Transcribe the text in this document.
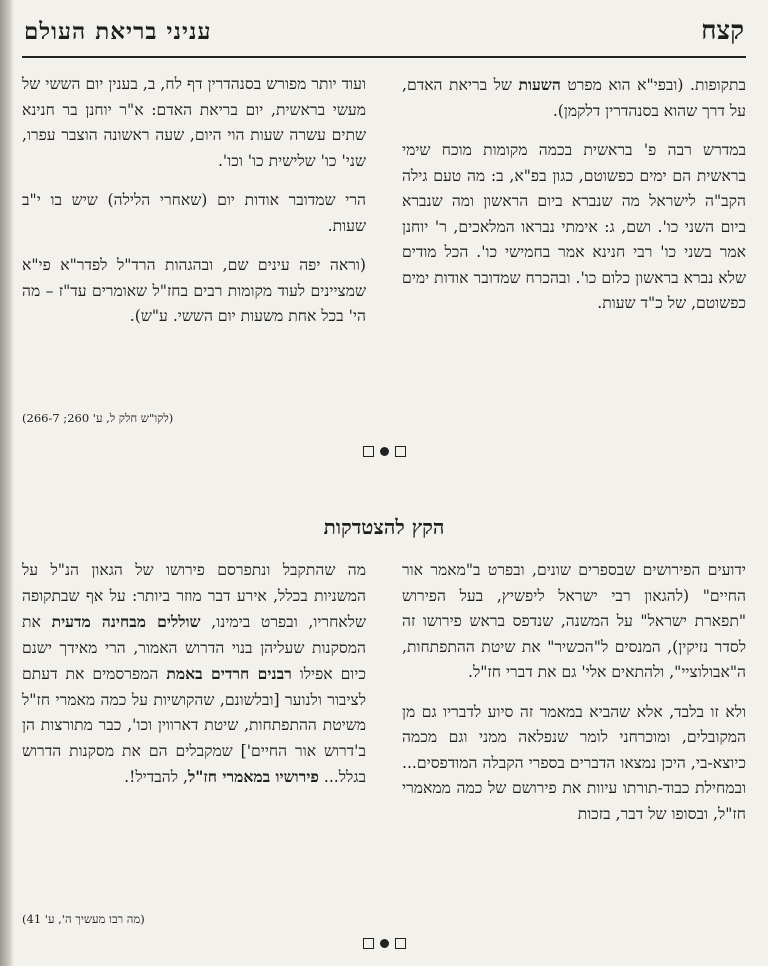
קצח
עניני בריאת העולם

בתקופות. (ובפי"א הוא מפרט השעות של בריאת האדם, על דרך שהוא בסנהדרין דלקמן).

במדרש רבה פ' בראשית בכמה מקומות מוכח שימי בראשית הם ימים כפשוטם, כגון בפ"א, ב: מה טעם גילה הקב"ה לישראל מה שנברא ביום הראשון ומה שנברא ביום השני כו'. ושם, ג: אימתי נבראו המלאכים, ר' יוחנן אמר בשני כו' רבי חנינא אמר בחמישי כו'. הכל מודים שלא נברא בראשון כלום כו'. ובהכרח שמדובר אודות ימים כפשוטם, של כ"ד שעות.

ועוד יותר מפורש בסנהדרין דף לח, ב, בענין יום הששי של מעשי בראשית, יום בריאת האדם: א"ר יוחנן בר חנינא שתים עשרה שעות הוי היום, שעה ראשונה הוצבר עפרו, שני' כו' שלישית כו' וכו'.

הרי שמדובר אודות יום (שאחרי הלילה) שיש בו י"ב שעות.

(וראה יפה עינים שם, ובהגהות הרד"ל לפדר"א פי"א שמציינים לעוד מקומות רבים בחז"ל שאומרים עד"ז – מה הי' בכל אחת משעות יום הששי. ע"ש).

(לקו"ש חלק ל, ע' 260; 266-7)
הקץ להצטדקות

ידועים הפירושים שבספרים שונים, ובפרט ב"מאמר אור החיים" (להגאון רבי ישראל ליפשיץ, בעל הפירוש "תפארת ישראל" על המשנה, שנדפס בראש פירושו זה לסדר נזיקין), המנסים ל"הכשיר" את שיטת ההתפתחות, ה"אבולוציי", ולהתאים אלי' גם את דברי חז"ל.

ולא זו בלבד, אלא שהביא במאמר זה סיוע לדבריו גם מן המקובלים, ומוכרחני לומר שנפלאה ממני וגם מכמה כיוצא-בי, היכן נמצאו הדברים בספרי הקבלה המודפסים... ובמחילת כבוד-תורתו עיוות את פירושם של כמה ממאמרי חז"ל, ובסופו של דבר, בזכות

מה שהתקבל ונתפרסם פירושו של הגאון הנ"ל על המשניות בכלל, אירע דבר מוזר ביותר: על אף שבתקופה שלאחריו, ובפרט בימינו, שוללים מבחינה מדעית את המסקנות שעליהן בנוי הדרוש האמור, הרי מאידך ישנם כיום אפילו רבנים חרדים באמת המפרסמים את דעתם לציבור ולנוער [ובלשונם, שהקושיות על כמה מאמרי חז"ל משיטת ההתפתחות, שיטת דארווין וכו', כבר מתורצות הן ב'דרוש אור החיים'] שמקבלים הם את מסקנות הדרוש בגלל... פירושיו במאמרי חז"ל, להבדיל!.

(מה רבו מעשיך ה', ע' 41)
